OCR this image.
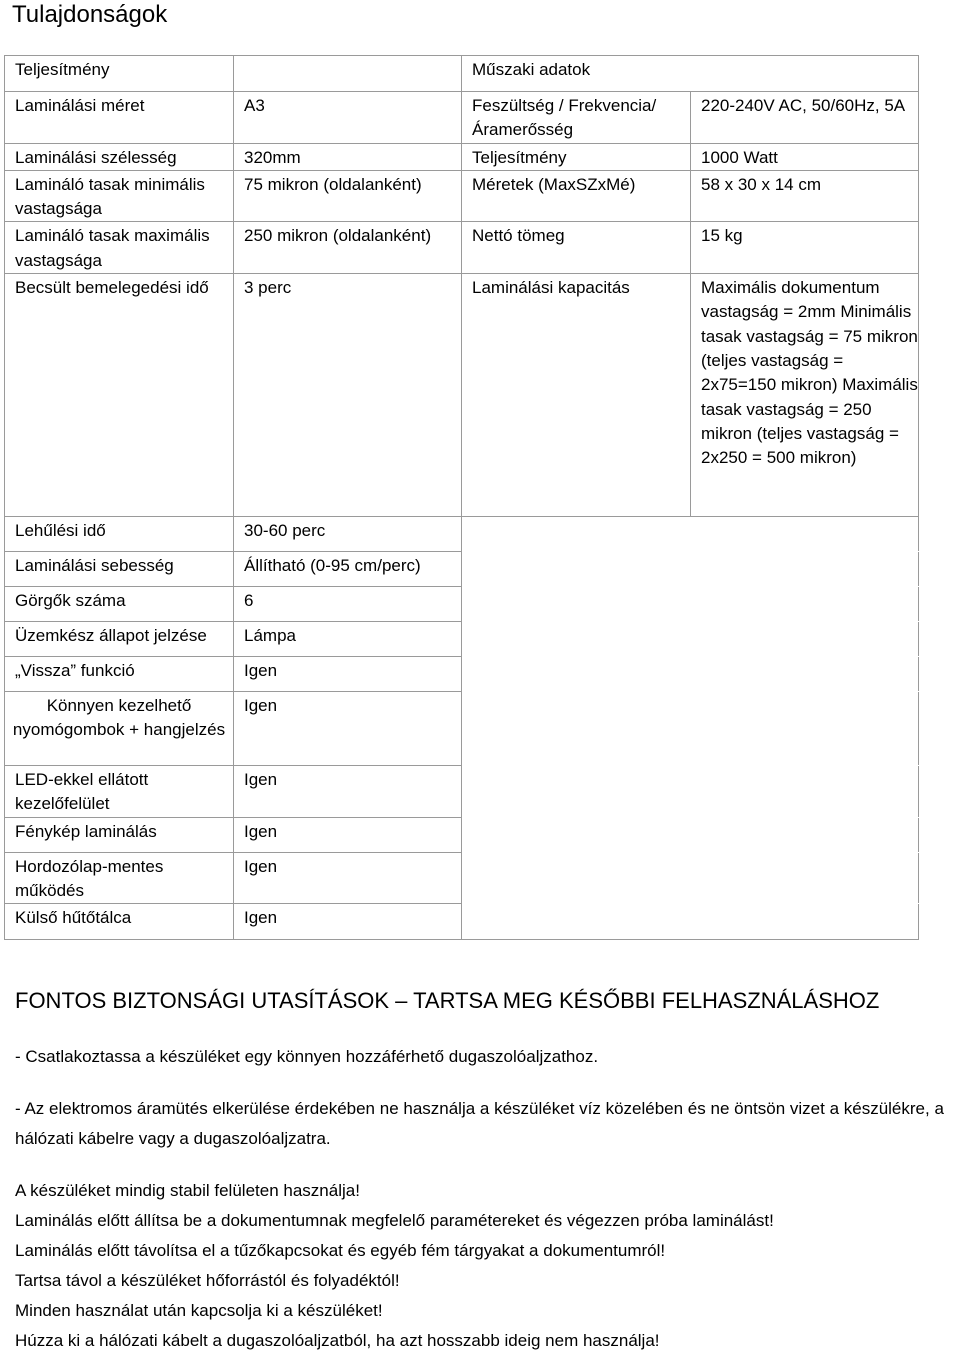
Tulajdonságok
Teljesítmény		Műszaki adatok	
Laminálási méret	A3	Feszültség / Frekvencia/Áramerősség	220-240V AC, 50/60Hz, 5A
Laminálási szélesség	320mm	Teljesítmény	1000 Watt
Lamináló tasak minimális vastagsága	75 mikron (oldalanként)	Méretek (MaxSZxMé)	58 x 30 x 14 cm
Lamináló tasak maximális vastagsága	250 mikron (oldalanként)	Nettó tömeg	15 kg
Becsült bemelegedési idő	3 perc	Laminálási kapacitás	Maximális dokumentum vastagság = 2mm Minimális tasak vastagság = 75 mikron (teljes vastagság = 2x75=150 mikron) Maximális tasak vastagság = 250 mikron (teljes vastagság = 2x250 = 500 mikron)
Lehűlési idő	30-60 perc		
Laminálási sebesség	Állítható (0-95 cm/perc)		
Görgők száma	6		
Üzemkész állapot jelzése	Lámpa		
„Vissza” funkció	Igen		
Könnyen kezelhető nyomógombok + hangjelzés	Igen		
LED-ekkel ellátott kezelőfelület	Igen		
Fénykép laminálás	Igen		
Hordozólap-mentes működés	Igen		
Külső hűtőtálca	Igen		
FONTOS BIZTONSÁGI UTASÍTÁSOK – TARTSA MEG KÉSŐBBI FELHASZNÁLÁSHOZ

- Csatlakoztassa a készüléket egy könnyen hozzáférhető dugaszolóaljzathoz.

- Az elektromos áramütés elkerülése érdekében ne használja a készüléket víz közelében és ne öntsön vizet a készülékre, a hálózati kábelre vagy a dugaszolóaljzatra.

A készüléket mindig stabil felületen használja!

Laminálás előtt állítsa be a dokumentumnak megfelelő paramétereket és végezzen próba laminálást!

Laminálás előtt távolítsa el a tűzőkapcsokat és egyéb fém tárgyakat a dokumentumról!

Tartsa távol a készüléket hőforrástól és folyadéktól!

Minden használat után kapcsolja ki a készüléket!

Húzza ki a hálózati kábelt a dugaszolóaljzatból, ha azt hosszabb ideig nem használja!
